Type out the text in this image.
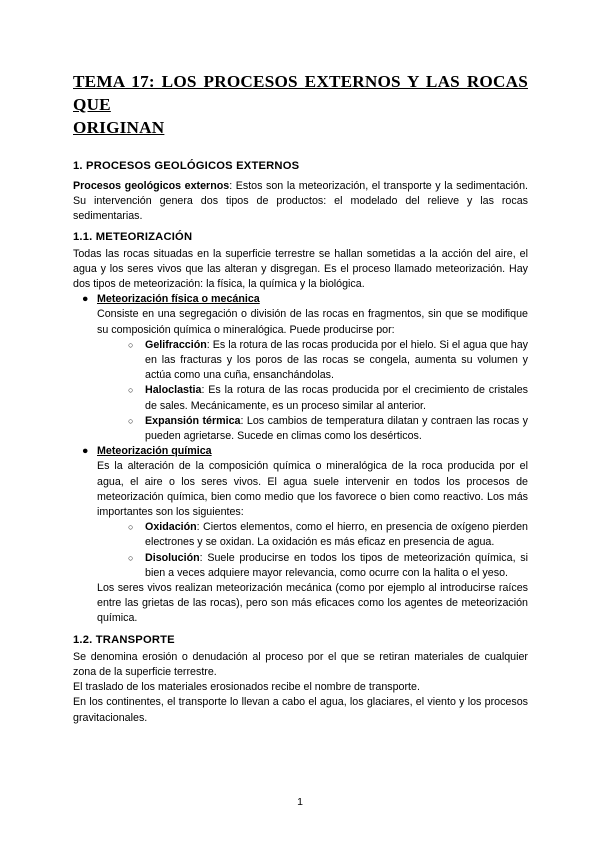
TEMA 17: LOS PROCESOS EXTERNOS Y LAS ROCAS QUE
ORIGINAN
1. PROCESOS GEOLÓGICOS EXTERNOS

Procesos geológicos externos: Estos son la meteorización, el transporte y la sedimentación. Su intervención genera dos tipos de productos: el modelado del relieve y las rocas sedimentarias.

1.1. METEORIZACIÓN

Todas las rocas situadas en la superficie terrestre se hallan sometidas a la acción del aire, el agua y los seres vivos que las alteran y disgregan. Es el proceso llamado meteorización. Hay dos tipos de meteorización: la física, la química y la biológica.

● Meteorización física o mecánica

Consiste en una segregación o división de las rocas en fragmentos, sin que se modifique su composición química o mineralógica. Puede producirse por:

○ Gelifracción: Es la rotura de las rocas producida por el hielo. Si el agua que hay en las fracturas y los poros de las rocas se congela, aumenta su volumen y actúa como una cuña, ensanchándolas.
○ Haloclastia: Es la rotura de las rocas producida por el crecimiento de cristales de sales. Mecánicamente, es un proceso similar al anterior.
○ Expansión térmica: Los cambios de temperatura dilatan y contraen las rocas y pueden agrietarse. Sucede en climas como los desérticos.
● Meteorización química

Es la alteración de la composición química o mineralógica de la roca producida por el agua, el aire o los seres vivos. El agua suele intervenir en todos los procesos de meteorización química, bien como medio que los favorece o bien como reactivo. Los más importantes son los siguientes:

○ Oxidación: Ciertos elementos, como el hierro, en presencia de oxígeno pierden electrones y se oxidan. La oxidación es más eficaz en presencia de agua.
○ Disolución: Suele producirse en todos los tipos de meteorización química, si bien a veces adquiere mayor relevancia, como ocurre con la halita o el yeso.

Los seres vivos realizan meteorización mecánica (como por ejemplo al introducirse raíces entre las grietas de las rocas), pero son más eficaces como los agentes de meteorización química.

1.2. TRANSPORTE

Se denomina erosión o denudación al proceso por el que se retiran materiales de cualquier zona de la superficie terrestre.

El traslado de los materiales erosionados recibe el nombre de transporte.

En los continentes, el transporte lo llevan a cabo el agua, los glaciares, el viento y los procesos gravitacionales.

1
